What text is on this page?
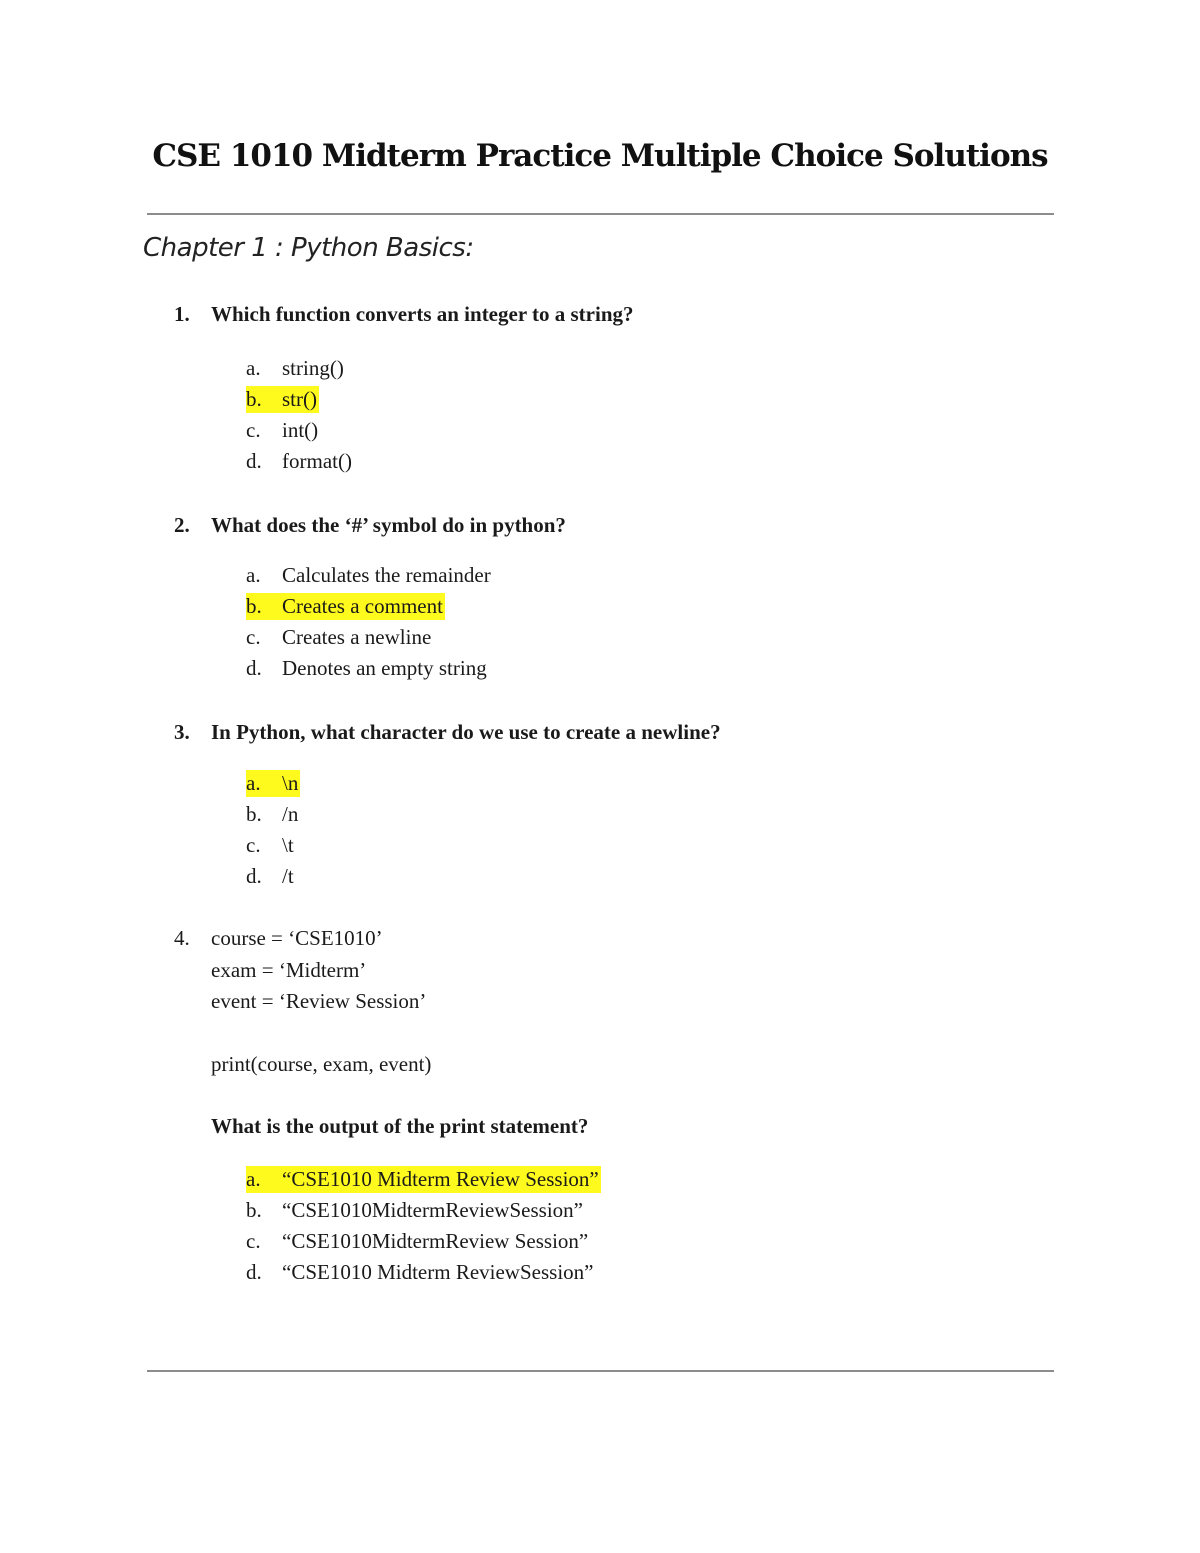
CSE 1010 Midterm Practice Multiple Choice Solutions
Chapter 1 : Python Basics:
1. Which function converts an integer to a string?
a.	string()
b. str()
c.	int()
d. format()
2. What does the ‘#’ symbol do in python?
a.	Calculates the remainder
b. Creates a comment
c.	Creates a newline
d. Denotes an empty string
3. In Python, what character do we use to create a newline?
a.	\n
b. /n
c.	\t
d. /t
4. course = ‘CSE1010’
exam = ‘Midterm’
event = ‘Review Session’
print(course, exam, event)
What is the output of the print statement?
a.	“CSE1010 Midterm Review Session”
b. “CSE1010MidtermReviewSession”
c.	“CSE1010MidtermReview Session”
d. “CSE1010 Midterm ReviewSession”
